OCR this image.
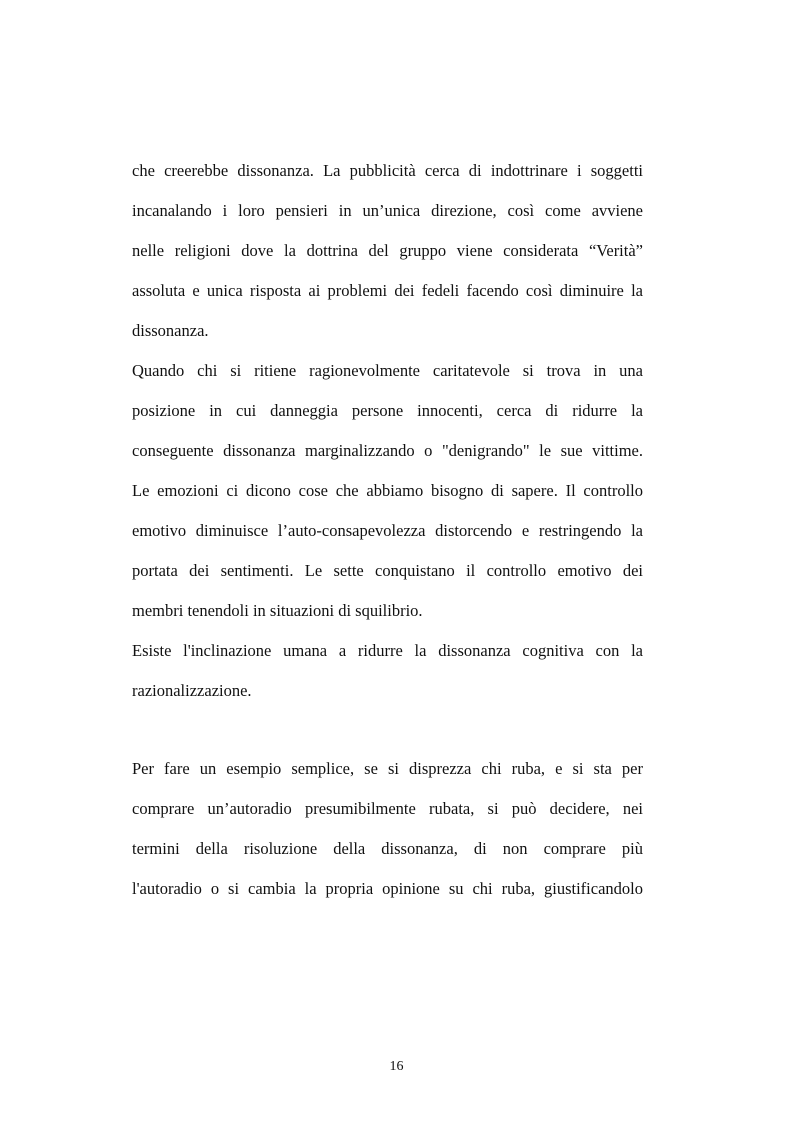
che creerebbe dissonanza. La pubblicità cerca di indottrinare i soggetti
incanalando i loro pensieri in un’unica direzione, così come avviene
nelle religioni dove la dottrina del gruppo viene considerata “Verità”
assoluta e unica risposta ai problemi dei fedeli facendo così diminuire la
dissonanza.
Quando chi si ritiene ragionevolmente caritatevole si trova in una
posizione in cui danneggia persone innocenti, cerca di ridurre la
conseguente dissonanza marginalizzando o "denigrando" le sue vittime.
Le emozioni ci dicono cose che abbiamo bisogno di sapere. Il controllo
emotivo diminuisce l’auto-consapevolezza distorcendo e restringendo la
portata dei sentimenti. Le sette conquistano il controllo emotivo dei
membri tenendoli in situazioni di squilibrio.
Esiste l'inclinazione umana a ridurre la dissonanza cognitiva con la
razionalizzazione.
Per fare un esempio semplice, se si disprezza chi ruba, e si sta per
comprare un’autoradio presumibilmente rubata, si può decidere, nei
termini della risoluzione della dissonanza, di non comprare più
l'autoradio o si cambia la propria opinione su chi ruba, giustificandolo
16
